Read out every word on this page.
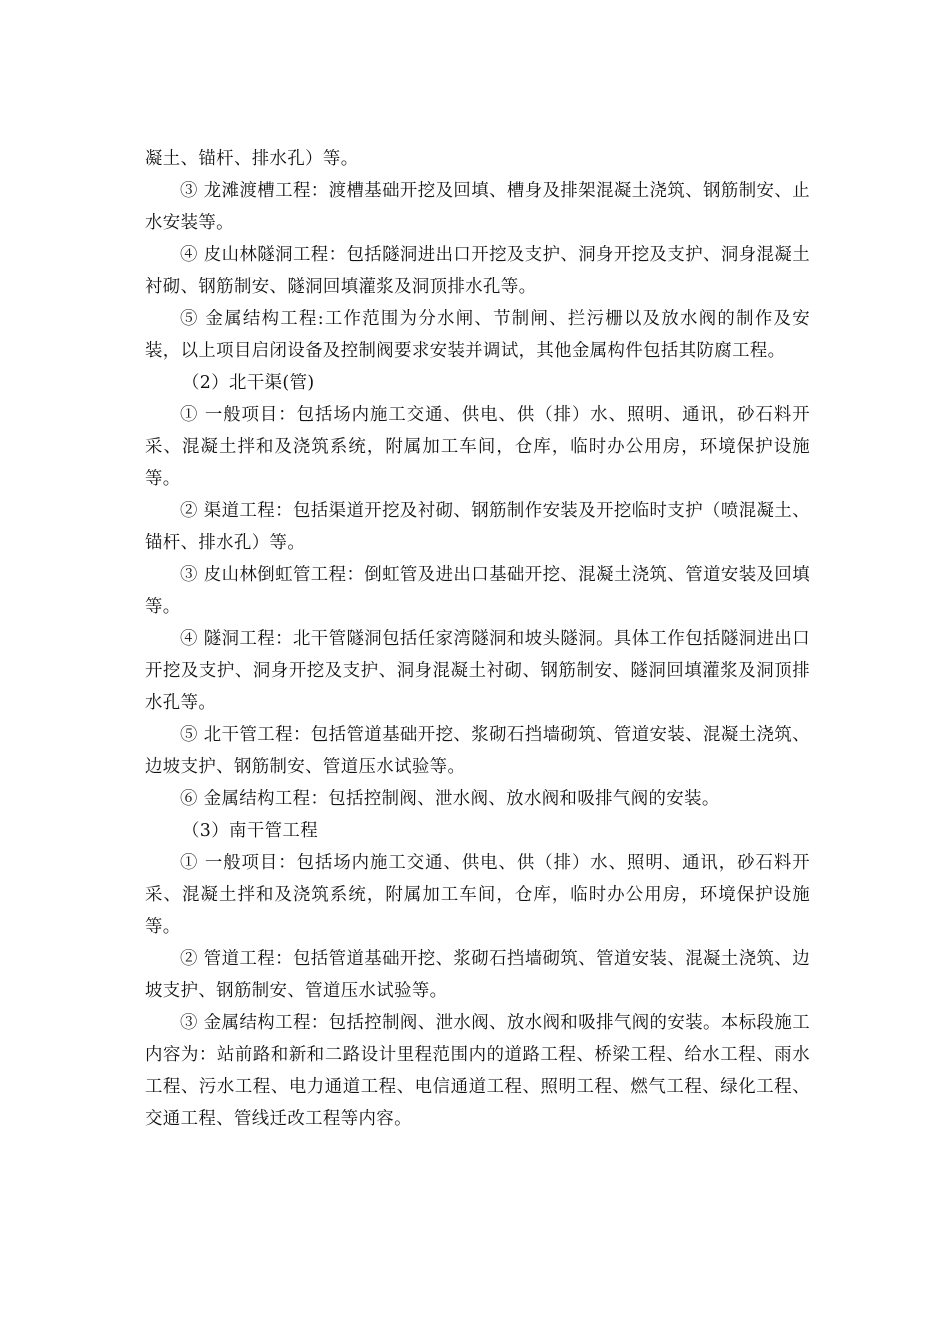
凝土、锚杆、排水孔）等。

③ 龙滩渡槽工程：渡槽基础开挖及回填、槽身及排架混凝土浇筑、钢筋制安、止水安装等。

④ 皮山林隧洞工程：包括隧洞进出口开挖及支护、洞身开挖及支护、洞身混凝土衬砌、钢筋制安、隧洞回填灌浆及洞顶排水孔等。

⑤ 金属结构工程:工作范围为分水闸、节制闸、拦污栅以及放水阀的制作及安装，以上项目启闭设备及控制阀要求安装并调试，其他金属构件包括其防腐工程。

（2）北干渠(管)

① 一般项目：包括场内施工交通、供电、供（排）水、照明、通讯，砂石料开采、混凝土拌和及浇筑系统，附属加工车间，仓库，临时办公用房，环境保护设施等。

② 渠道工程：包括渠道开挖及衬砌、钢筋制作安装及开挖临时支护（喷混凝土、锚杆、排水孔）等。

③ 皮山林倒虹管工程：倒虹管及进出口基础开挖、混凝土浇筑、管道安装及回填等。

④ 隧洞工程：北干管隧洞包括任家湾隧洞和坡头隧洞。具体工作包括隧洞进出口开挖及支护、洞身开挖及支护、洞身混凝土衬砌、钢筋制安、隧洞回填灌浆及洞顶排水孔等。

⑤ 北干管工程：包括管道基础开挖、浆砌石挡墙砌筑、管道安装、混凝土浇筑、边坡支护、钢筋制安、管道压水试验等。

⑥ 金属结构工程：包括控制阀、泄水阀、放水阀和吸排气阀的安装。

（3）南干管工程

① 一般项目：包括场内施工交通、供电、供（排）水、照明、通讯，砂石料开采、混凝土拌和及浇筑系统，附属加工车间，仓库，临时办公用房，环境保护设施等。

② 管道工程：包括管道基础开挖、浆砌石挡墙砌筑、管道安装、混凝土浇筑、边坡支护、钢筋制安、管道压水试验等。

③ 金属结构工程：包括控制阀、泄水阀、放水阀和吸排气阀的安装。本标段施工内容为：站前路和新和二路设计里程范围内的道路工程、桥梁工程、给水工程、雨水工程、污水工程、电力通道工程、电信通道工程、照明工程、燃气工程、绿化工程、交通工程、管线迁改工程等内容。
